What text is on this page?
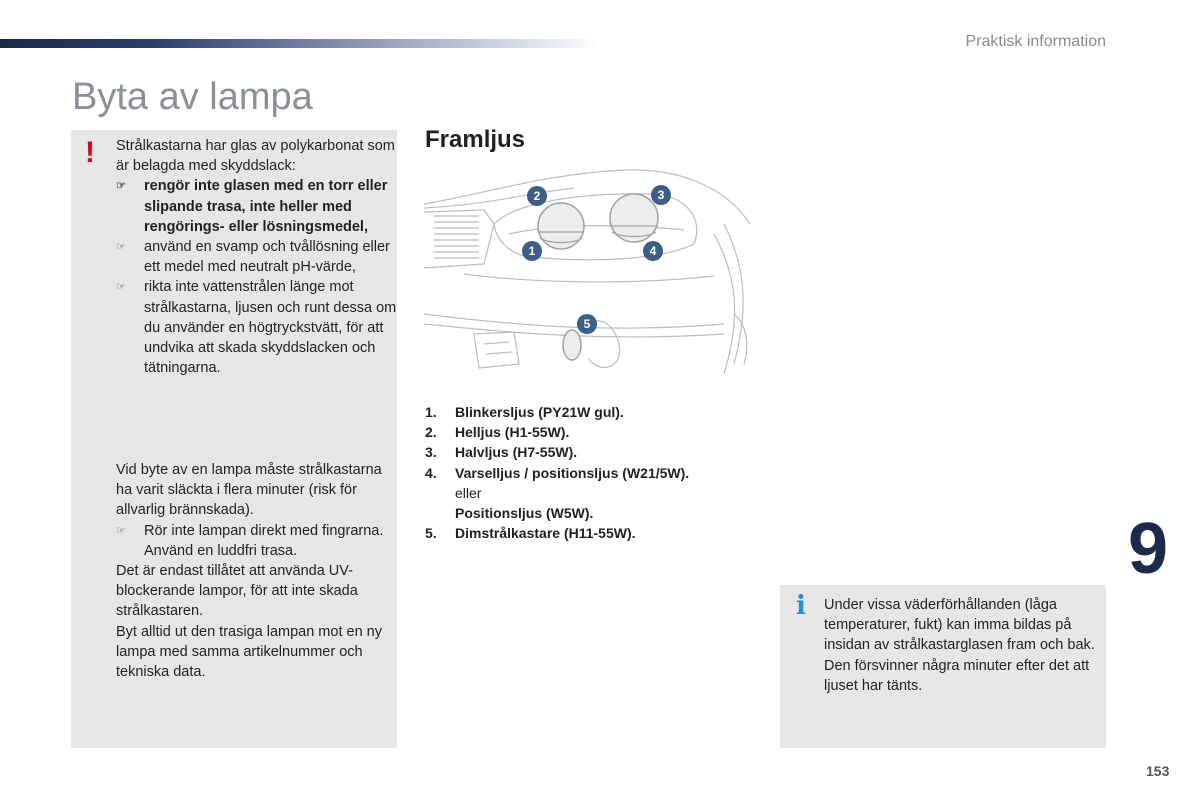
Praktisk information
Byta av lampa
! Strålkastarna har glas av polykarbonat som är belagda med skyddslack:

☞ rengör inte glasen med en torr eller slipande trasa, inte heller med rengörings- eller lösningsmedel,
☞ använd en svamp och tvållösning eller ett medel med neutralt pH-värde,
☞ rikta inte vattenstrålen länge mot strålkastarna, ljusen och runt dessa om du använder en högtryckstvätt, för att undvika att skada skyddslacken och tätningarna.

Vid byte av en lampa måste strålkastarna ha varit släckta i flera minuter (risk för allvarlig brännskada).

☞ Rör inte lampan direkt med fingrarna. Använd en luddfri trasa.

Det är endast tillåtet att använda UV-blockerande lampor, för att inte skada strålkastaren.

Byt alltid ut den trasiga lampan mot en ny lampa med samma artikelnummer och tekniska data.

Framljus
2	3
1	4
5
1. Blinkersljus (PY21W gul).
2. Helljus (H1-55W).
3. Halvljus (H7-55W).
4. Varselljus / positionsljus (W21/5W).
eller
Positionsljus (W5W).
5. Dimstrålkastare (H11-55W).	9
i Under vissa väderförhållanden (låga temperaturer, fukt) kan imma bildas på insidan av strålkastarglasen fram och bak. Den försvinner några minuter efter det att ljuset har tänts.

153
